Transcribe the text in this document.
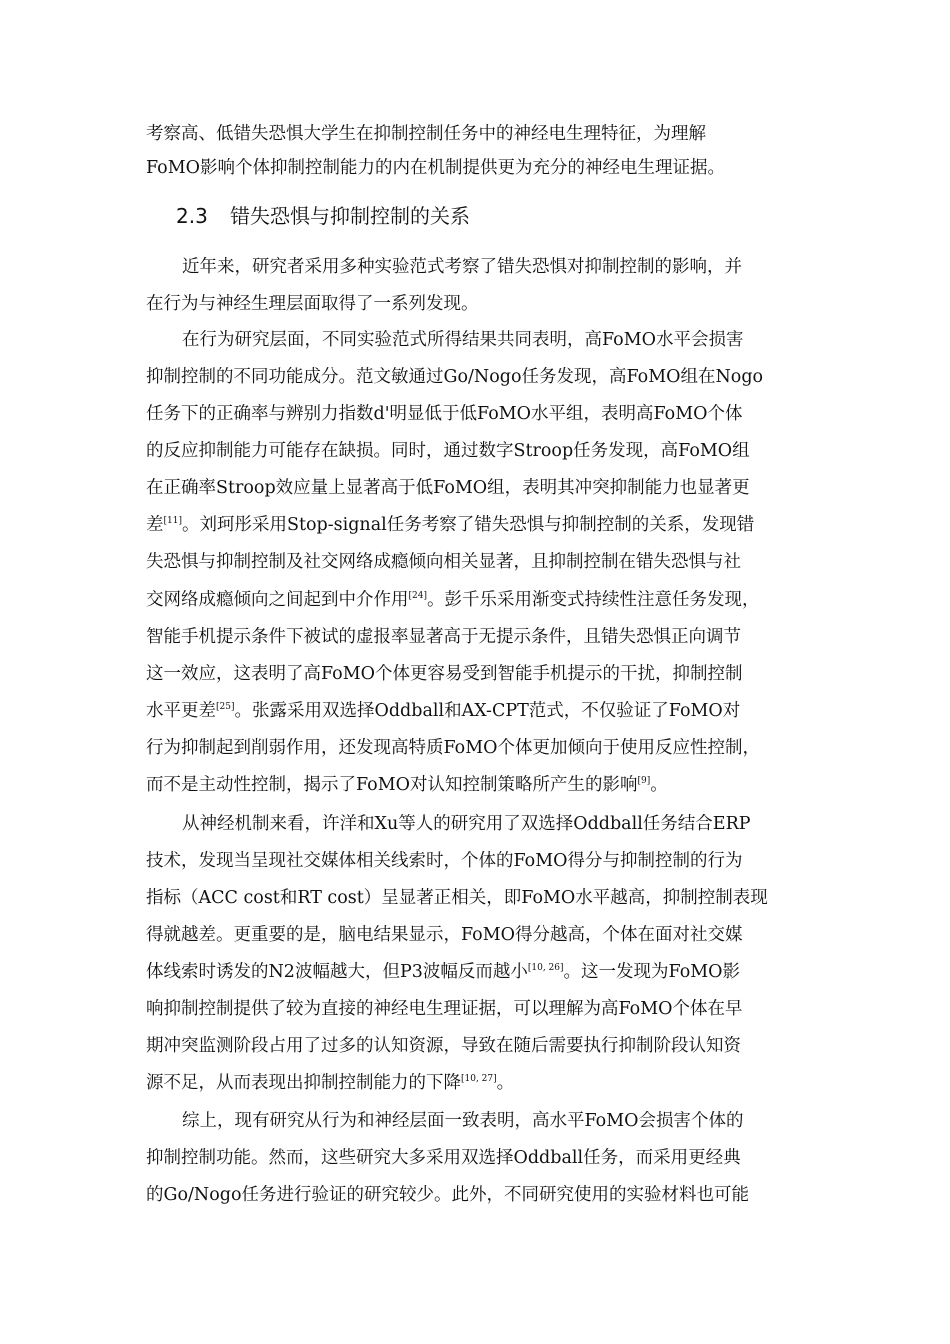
2.3 错失恐惧与抑制控制的关系
考察高、低错失恐惧大学生在抑制控制任务中的神经电生理特征，为理解
FoMO影响个体抑制控制能力的内在机制提供更为充分的神经电生理证据。
近年来，研究者采用多种实验范式考察了错失恐惧对抑制控制的影响，并
在行为与神经生理层面取得了一系列发现。
在行为研究层面，不同实验范式所得结果共同表明，高FoMO水平会损害
抑制控制的不同功能成分。范文敏通过Go/Nogo任务发现，高FoMO组在Nogo
任务下的正确率与辨别力指数d'明显低于低FoMO水平组，表明高FoMO个体
的反应抑制能力可能存在缺损。同时，通过数字Stroop任务发现，高FoMO组
在正确率Stroop效应量上显著高于低FoMO组，表明其冲突抑制能力也显著更
差[11]。刘珂彤采用Stop-signal任务考察了错失恐惧与抑制控制的关系，发现错
失恐惧与抑制控制及社交网络成瘾倾向相关显著，且抑制控制在错失恐惧与社
交网络成瘾倾向之间起到中介作用[24]。彭千乐采用渐变式持续性注意任务发现，
智能手机提示条件下被试的虚报率显著高于无提示条件，且错失恐惧正向调节
这一效应，这表明了高FoMO个体更容易受到智能手机提示的干扰，抑制控制
水平更差[25]。张露采用双选择Oddball和AX-CPT范式，不仅验证了FoMO对
行为抑制起到削弱作用，还发现高特质FoMO个体更加倾向于使用反应性控制，
而不是主动性控制，揭示了FoMO对认知控制策略所产生的影响[9]。
从神经机制来看，许洋和Xu等人的研究用了双选择Oddball任务结合ERP
技术，发现当呈现社交媒体相关线索时，个体的FoMO得分与抑制控制的行为
指标（ACC cost和RT cost）呈显著正相关，即FoMO水平越高，抑制控制表现
得就越差。更重要的是，脑电结果显示，FoMO得分越高，个体在面对社交媒
体线索时诱发的N2波幅越大，但P3波幅反而越小[10, 26]。这一发现为FoMO影
响抑制控制提供了较为直接的神经电生理证据，可以理解为高FoMO个体在早
期冲突监测阶段占用了过多的认知资源，导致在随后需要执行抑制阶段认知资
源不足，从而表现出抑制控制能力的下降[10, 27]。
综上，现有研究从行为和神经层面一致表明，高水平FoMO会损害个体的
抑制控制功能。然而，这些研究大多采用双选择Oddball任务，而采用更经典
的Go/Nogo任务进行验证的研究较少。此外，不同研究使用的实验材料也可能
